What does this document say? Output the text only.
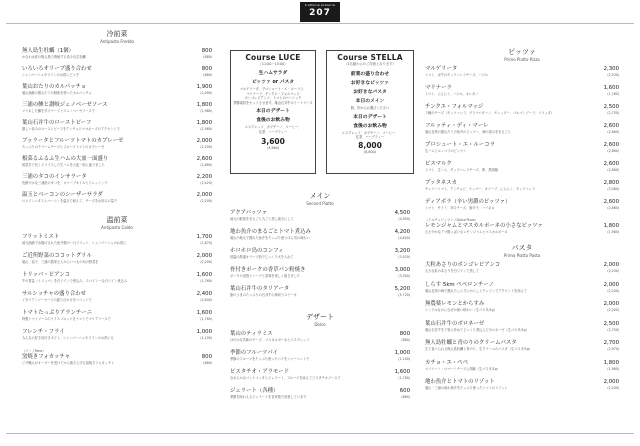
trattoria pizzeria
207
冷前菜
Antipasto Freddo
無人島生牡蠣（1個）	800
かなわ水産の無人島で養殖する希少な生牡蠣	(880)
いろいろオリーブ盛り合わせ	800
シャンパーニュやワインのお供にどうぞ	(880)
葉山おたりのカルパッチョ	1,900
葉山漁港の獲れたての鮮魚を使ったカルパッチョ	(2,090)
三浦の鯵と讃岐ジェノベーゼソース	1,800
マリネした鯵をタプナードとジェノベーゼソースで	(1,980)
葉山石井牛のローストビーフ	1,800
優しい旨みのローストビーフをアンチョビマヨネーズのアクセントで	(1,980)
ブッラータとフルーツトマトのカプレーゼ	2,000
たっぷりのクリームチーズとフルーツトマトのカプレーゼ	(2,200)
根菜るふるふ生ハムの大皿一面盛り	2,600
根菜をで長くスライスした生ハムを大皿一面に盛りました	(2,860)
三浦のタコのインサラータ	2,200
色鮮やかな三浦産のタコを、オリーブオイルとドレッシング	(2,420)
温玉とベーコンのシーザーサラダ	2,000
ロメインレタスとベーコンを温玉で和えて、チーズをお好みの量で	(2,200)
温前菜
Antipasto Caldo
フリットミスト	1,700
地元漁港で水揚げされた魚介類の一口フリット、シャンパーニュのお供に	(1,870)
ご近所野菜のココットグリル	2,000
葉山、逗子、三浦の農家さんからいつもの旬の野菜を	(2,200)
トリッパ・ピアンコ	1,600
牛の胃袋（トリッパ）を白ワインで煮込み、スパイシーな白ワイン煮込み	(1,760)
サルシッチャの盛り合わせ	2,400
イタリアンソーセージの盛り合わせをココットで	(2,640)
トマトたっぷりアランチーニ	1,600
特製トマトソースのライスコロッケをトマトでマリアソースで	(1,760)
フレンチ・フライ	1,000
みんな大好き皮付きポテト、シャンパーニュやワインのお供にも	(1,100)
（パン / Pane）
窯焼きフォカッチャ	800
ピザ職人がオーダーを受けてから焼き上げる窯焼きフォカッチャ	(880)
Course LUCE
（11:00－15:00）
生ハムサラダ
ピッツァ or パスタ
マルゲリータ、プロシュート・エ・ルーコラ、
マリナーラ、チンクエ・フォルマッジ
ボンゴレビアンコ、トマトのベーシック
季節素材をセットさせます。葉山石井牛のミートソース
本日のデザート
食後のお飲み物
エスプレッソ、カプチーノ、コーヒー、
紅茶、ハーブティー
3,600
(3,960)
Course STELLA
（2名様からのご用意となります）
前菜の盛り合わせ
お好きなピッツァ
お好きなパスタ
本日のメイン
鮮、肉からお選びください
本日のデザート
食後のお飲み物
エスプレッソ、カプチーノ、コーヒー、
紅茶、ハーブティー
8,000
(8,800)
メイン
Second Piatto
アクアパッツァ	4,500
地元の鮮魚をまるごと丸ごと蒸し焼きにして	(4,950)
地わ魚介のまるごとトマト煮込み	4,200
葉山の地元で獲れた魚介をたっぷり使うほん気の味わい	(4,620)
ホロホロ鳥のコンフィ	3,200
低温の熱湯オリーブ油でじっくり火を入れて	(3,520)
骨付きポークの香草パン粉焼き	3,000
ポークの食感とハーブと香味を楽しく焼きました	(3,300)
葉山石井牛のタリアータ	5,200
脂のうまみたっぷりの石井牛の薄切りステーキ	(5,720)
デザート
Dolce
葉山のティラミス	800
ほのかな苦味のチーズ、マスカルポーネとエスプレッソ	(880)
季節のフルーツパイ	1,000
季節のフルーツをたっぷり使ったパイをシャーベットで	(1,100)
ピスタチオ・アラモード	1,600
なめらかなパンナコッタとジェラート、フルーツを添えてピスタチオソースで	(1,760)
ジェラート（各種）	600
季節を味わえるジェラートを自家製で用意しています	(660)
ピッツァ
Primo Piatto Pizza
マルゲリータ	2,300
トマト、水牛のモッツァレラチーズ、バジル	(2,530)
マリナーラ	1,600
トマト、にんにく、バジル、オレガノ	(1,760)
チンクエ・フォルマッジ	2,500
５種のチーズ（モッツァレラ、グラナパダーノ、チェッダー、ゴルゴンゾーラ、リコッタ）	(2,750)
フルッティ・ディ・マーレ	2,600
葉山近郊の獲れたての魚介のピッツァ、海の恵みをまるごと	(2,860)
プロシュート・エ・ルーコラ	2,600
生ハムとルッコラのピッツァ	(2,860)
ビスマルク	2,600
トマト、生ハム、モッツァレラチーズ、卵、黒胡椒	(2,860)
プッタネスカ	2,800
チェリートマト、アンチョビ、ケッパー、オリーブ、にんにく、モッツァレラ	(3,080)
ディアボラ（辛い男爵のピッツァ）	2,600
トマト、サラミ、辛口チーズ、唐辛子、ハバネロ	(2,860)
（ドルチェピッツァ / Dolce Pizza）
レモンジャムとマスカルポーネの小さなピッツァ	1,800
ささやかなアマ酸っぱいなレモンジャムとマスカルポーネ	(1,980)
パスタ
Primo Piatto Pasta
大粒あさりのボンゴレビアンコ	2,000
大きな粒のあさりを白ワインで蒸して	(2,200)
しらす 5km ペペロンチーノ	2,000
葉山近郊の海で獲れたしらすにからしとクレソンでアクセントを添えて	(2,200)
無農薬レモンとからすみ	2,000
シンプルなのになぜか深い味わい（生パスタ/1g）	(2,200)
葉山石井牛のボロネーゼ	2,500
葉山石井牛を丁寧に炒めてじっくり煮込んだボロネーゼ（生パスタ/1g）	(2,750)
無人島牡蠣と青のりのクリームパスタ	2,700
生で食べられる無人島牡蠣と青のり、生クリームのパスタ（生パスタ/1g）	(2,970)
カチョ・エ・ペペ	1,800
ペコリーノ・ロマーノチーズと胡椒（生パスタ/1g）	(1,980)
地わ魚介とトマトのリゾット	2,000
葉山・三浦の地わ魚介をたっぷり使ったトマトのリゾット	(2,200)
